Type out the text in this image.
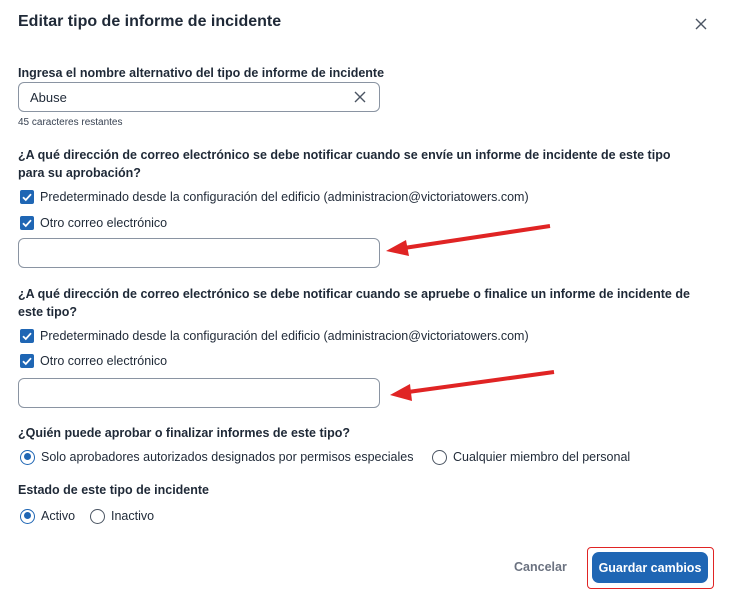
Editar tipo de informe de incidente
Ingresa el nombre alternativo del tipo de informe de incidente
Abuse
45 caracteres restantes
¿A qué dirección de correo electrónico se debe notificar cuando se envíe un informe de incidente de este tipo para su aprobación?
Predeterminado desde la configuración del edificio (administracion@victoriatowers.com)
Otro correo electrónico
¿A qué dirección de correo electrónico se debe notificar cuando se apruebe o finalice un informe de incidente de este tipo?
Predeterminado desde la configuración del edificio (administracion@victoriatowers.com)
Otro correo electrónico
¿Quién puede aprobar o finalizar informes de este tipo?
Solo aprobadores autorizados designados por permisos especiales	Cualquier miembro del personal
Estado de este tipo de incidente
Activo	Inactivo
Cancelar	Guardar cambios
